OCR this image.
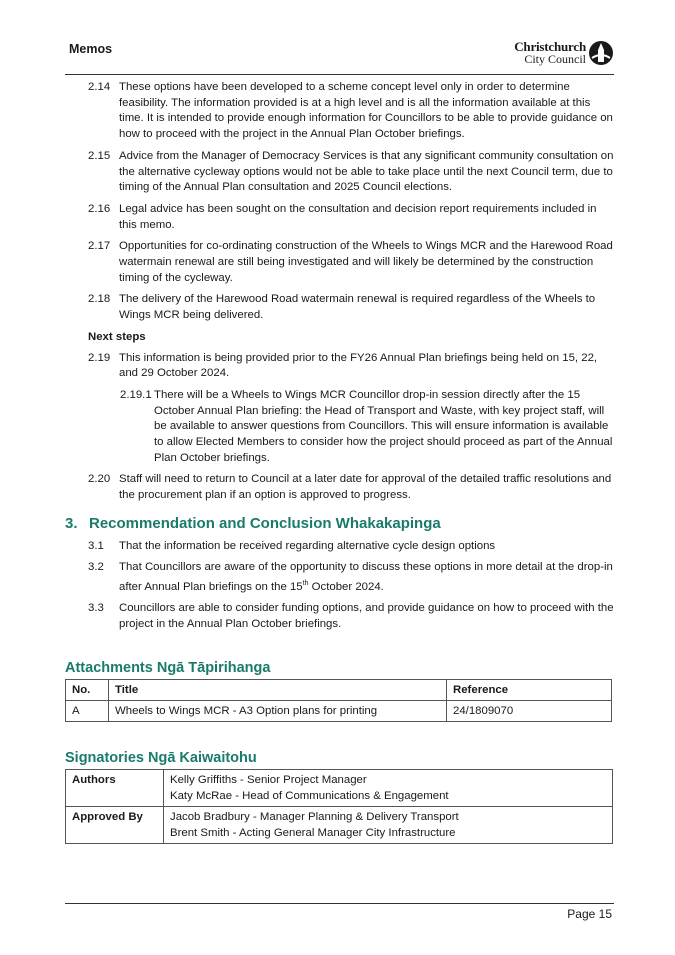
Memos	Christchurch
City Council
2.14 These options have been developed to a scheme concept level only in order to determine feasibility. The information provided is at a high level and is all the information available at this time. It is intended to provide enough information for Councillors to be able to provide guidance on how to proceed with the project in the Annual Plan October briefings.
2.15 Advice from the Manager of Democracy Services is that any significant community consultation on the alternative cycleway options would not be able to take place until the next Council term, due to timing of the Annual Plan consultation and 2025 Council elections.
2.16 Legal advice has been sought on the consultation and decision report requirements included in this memo.
2.17 Opportunities for co-ordinating construction of the Wheels to Wings MCR and the Harewood Road watermain renewal are still being investigated and will likely be determined by the construction timing of the cycleway.
2.18 The delivery of the Harewood Road watermain renewal is required regardless of the Wheels to Wings MCR being delivered.
Next steps
2.19 This information is being provided prior to the FY26 Annual Plan briefings being held on 15, 22, and 29 October 2024.
2.19.1 There will be a Wheels to Wings MCR Councillor drop-in session directly after the 15 October Annual Plan briefing: the Head of Transport and Waste, with key project staff, will be available to answer questions from Councillors. This will ensure information is available to allow Elected Members to consider how the project should proceed as part of the Annual Plan October briefings.
2.20 Staff will need to return to Council at a later date for approval of the detailed traffic resolutions and the procurement plan if an option is approved to progress.
3. Recommendation and Conclusion Whakakapinga
3.1	That the information be received regarding alternative cycle design options
3.2	That Councillors are aware of the opportunity to discuss these options in more detail at the drop-in after Annual Plan briefings on the 15th October 2024.
3.3	Councillors are able to consider funding options, and provide guidance on how to proceed with the project in the Annual Plan October briefings.
Attachments Ngā Tāpirihanga
No.	Title	Reference
A	Wheels to Wings MCR - A3 Option plans for printing	24/1809070
Signatories Ngā Kaiwaitohu
Authors	Kelly Griffiths - Senior Project Manager
Katy McRae - Head of Communications & Engagement

Approved By	Jacob Bradbury - Manager Planning & Delivery Transport
Brent Smith - Acting General Manager City Infrastructure
Page 15
